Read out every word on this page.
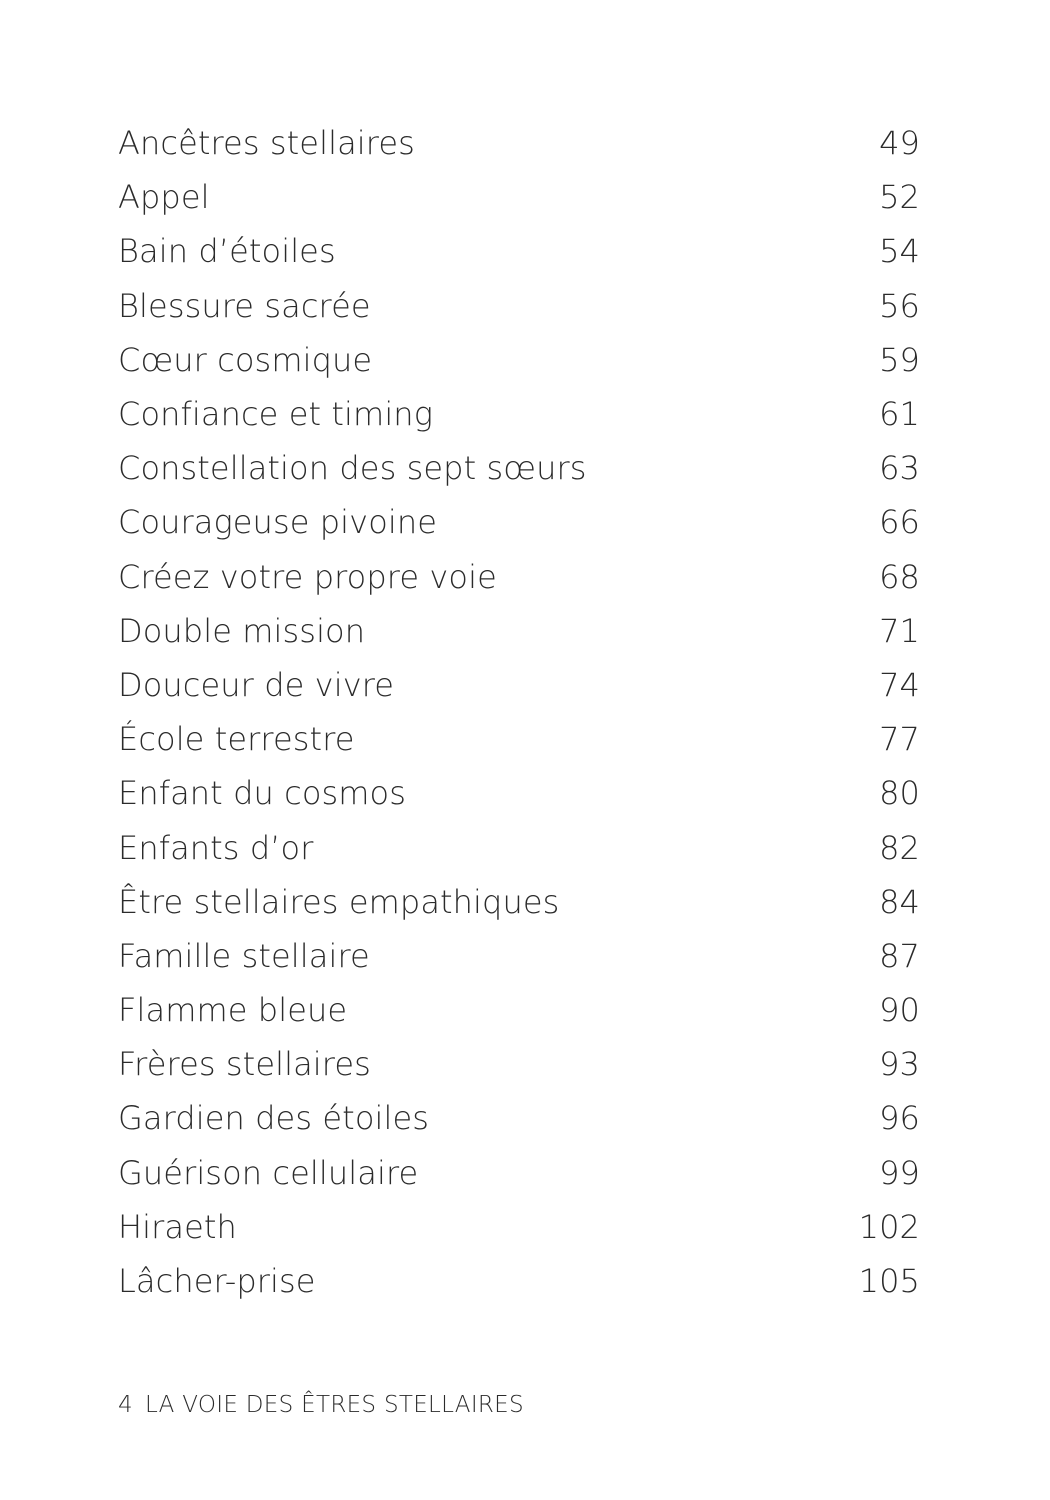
Ancêtres stellaires	49
Appel	52
Bain d’étoiles	54
Blessure sacrée	56
Cœur cosmique	59
Confiance et timing	61
Constellation des sept sœurs	63
Courageuse pivoine	66
Créez votre propre voie	68
Double mission	71
Douceur de vivre	74
École terrestre	77
Enfant du cosmos	80
Enfants d’or	82
Être stellaires empathiques	84
Famille stellaire	87
Flamme bleue	90
Frères stellaires	93
Gardien des étoiles	96
Guérison cellulaire	99
Hiraeth	102
Lâcher-prise	105
4 LA VOIE DES ÊTRES STELLAIRES
